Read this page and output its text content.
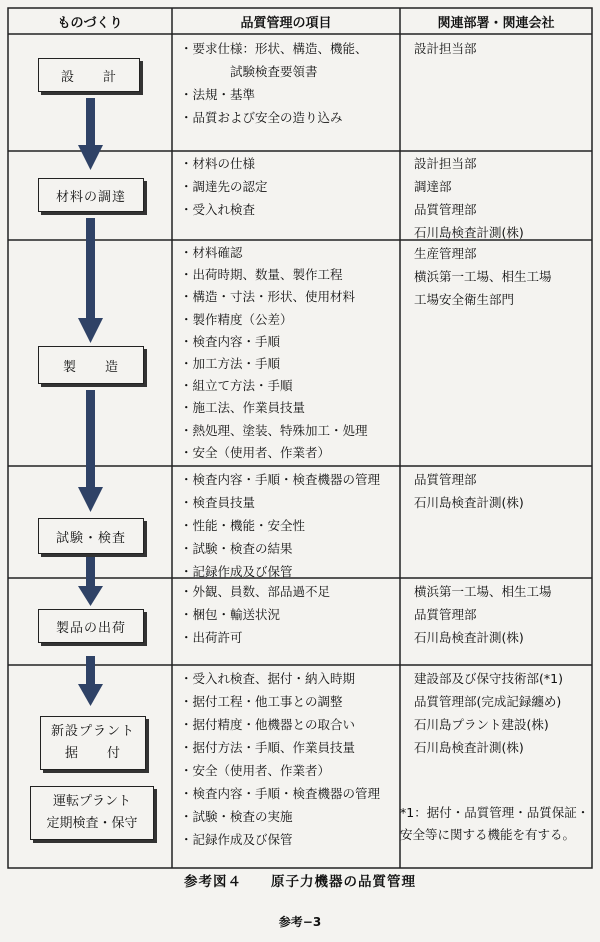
ものづくり	品質管理の項目	関連部署・関連会社
設　　計
・要求仕様：形状、構造、機能、
　　　　試験検査要領書
・法規・基準
・品質および安全の造り込み
設計担当部
材料の調達
・材料の仕様
・調達先の認定
・受入れ検査
設計担当部
調達部
品質管理部
石川島検査計測(株)
製　　造
・材料確認
・出荷時期、数量、製作工程
・構造・寸法・形状、使用材料
・製作精度（公差）
・検査内容・手順
・加工方法・手順
・組立て方法・手順
・施工法、作業員技量
・熱処理、塗装、特殊加工・処理
・安全（使用者、作業者）
生産管理部
横浜第一工場、相生工場
工場安全衛生部門
試験・検査
・検査内容・手順・検査機器の管理
・検査員技量
・性能・機能・安全性
・試験・検査の結果
・記録作成及び保管
品質管理部
石川島検査計測(株)
製品の出荷
・外観、員数、部品過不足
・梱包・輸送状況
・出荷許可
横浜第一工場、相生工場
品質管理部
石川島検査計測(株)
新設プラント
据　　付
運転プラント
定期検査・保守
・受入れ検査、据付・納入時期
・据付工程・他工事との調整
・据付精度・他機器との取合い
・据付方法・手順、作業員技量
・安全（使用者、作業者）
・検査内容・手順・検査機器の管理
・試験・検査の実施
・記録作成及び保管
建設部及び保守技術部(*1)
品質管理部(完成記録纏め)
石川島プラント建設(株)
石川島検査計測(株)
*1：据付・品質管理・品質保証・安全等に関する機能を有する。
参考図４　　原子力機器の品質管理
参考−3
